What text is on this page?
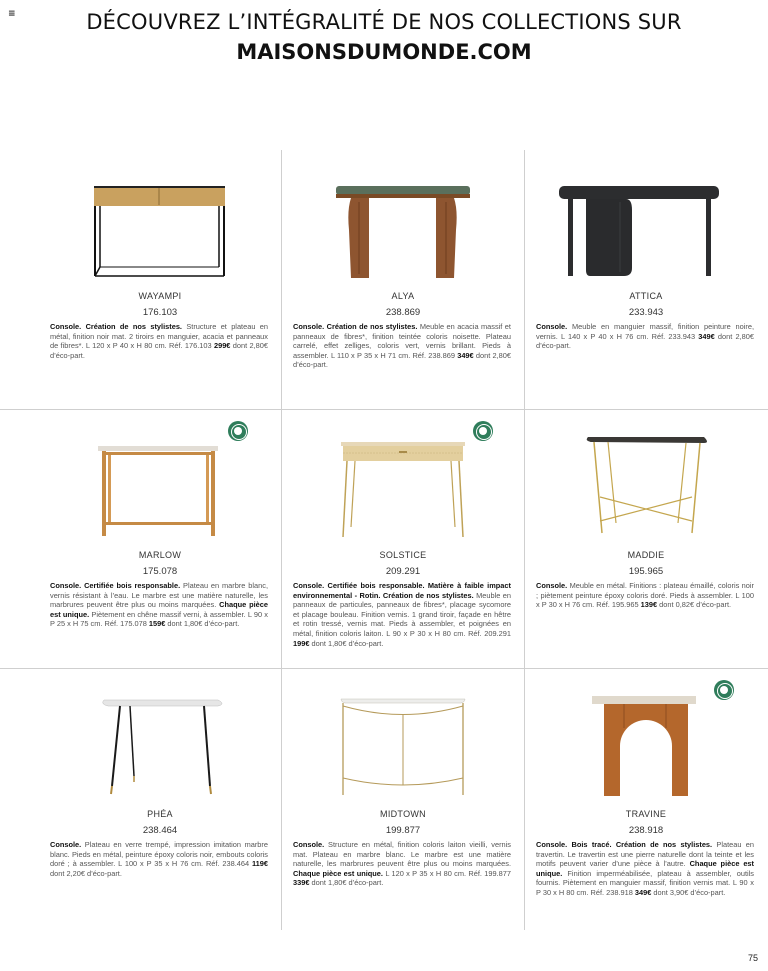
≡	DÉCOUVREZ L’INTÉGRALITÉ DE NOS COLLECTIONS SUR
MAISONSDUMONDE.COM
WAYAMPI
176.103
Console. Création de nos stylistes. Structure et plateau en métal, finition noir mat. 2 tiroirs en manguier, acacia et panneaux de fibres*. L 120 x P 40 x H 80 cm. Réf. 176.103 299€ dont 2,80€ d’éco-part.
ALYA
238.869
Console. Création de nos stylistes. Meuble en acacia massif et panneaux de fibres*, finition teintée coloris noisette. Plateau carrelé, effet zelliges, coloris vert, vernis brillant. Pieds à assembler. L 110 x P 35 x H 71 cm. Réf. 238.869 349€ dont 2,80€ d’éco-part.
ATTICA
233.943
Console. Meuble en manguier massif, finition peinture noire, vernis. L 140 x P 40 x H 76 cm. Réf. 233.943 349€ dont 2,80€ d’éco-part.
MARLOW
175.078
Console. Certifiée bois responsable. Plateau en marbre blanc, vernis résistant à l’eau. Le marbre est une matière naturelle, les marbrures peuvent être plus ou moins marquées. Chaque pièce est unique. Piètement en chêne massif verni, à assembler. L 90 x P 25 x H 75 cm. Réf. 175.078 159€ dont 1,80€ d’éco-part.
SOLSTICE
209.291
Console. Certifiée bois responsable. Matière à faible impact environnemental - Rotin. Création de nos stylistes. Meuble en panneaux de particules, panneaux de fibres*, placage sycomore et placage bouleau. Finition vernis. 1 grand tiroir, façade en hêtre et rotin tressé, vernis mat. Pieds à assembler, et poignées en métal, finition coloris laiton. L 90 x P 30 x H 80 cm. Réf. 209.291 199€ dont 1,80€ d’éco-part.
MADDIE
195.965
Console. Meuble en métal. Finitions : plateau émaillé, coloris noir ; piètement peinture époxy coloris doré. Pieds à assembler. L 100 x P 30 x H 76 cm. Réf. 195.965 139€ dont 0,82€ d’éco-part.
PHÉA
238.464
Console. Plateau en verre trempé, impression imitation marbre blanc. Pieds en métal, peinture époxy coloris noir, embouts coloris doré ; à assembler. L 100 x P 35 x H 76 cm. Réf. 238.464 119€ dont 2,20€ d’éco-part.
MIDTOWN
199.877
Console. Structure en métal, finition coloris laiton vieilli, vernis mat. Plateau en marbre blanc. Le marbre est une matière naturelle, les marbrures peuvent être plus ou moins marquées. Chaque pièce est unique. L 120 x P 35 x H 80 cm. Réf. 199.877 339€ dont 1,80€ d’éco-part.
TRAVINE
238.918
Console. Bois tracé. Création de nos stylistes. Plateau en travertin. Le travertin est une pierre naturelle dont la teinte et les motifs peuvent varier d’une pièce à l’autre. Chaque pièce est unique. Finition imperméabilisée, plateau à assembler, outils fournis. Piètement en manguier massif, finition vernis mat. L 90 x P 30 x H 80 cm. Réf. 238.918 349€ dont 3,90€ d’éco-part.
75
